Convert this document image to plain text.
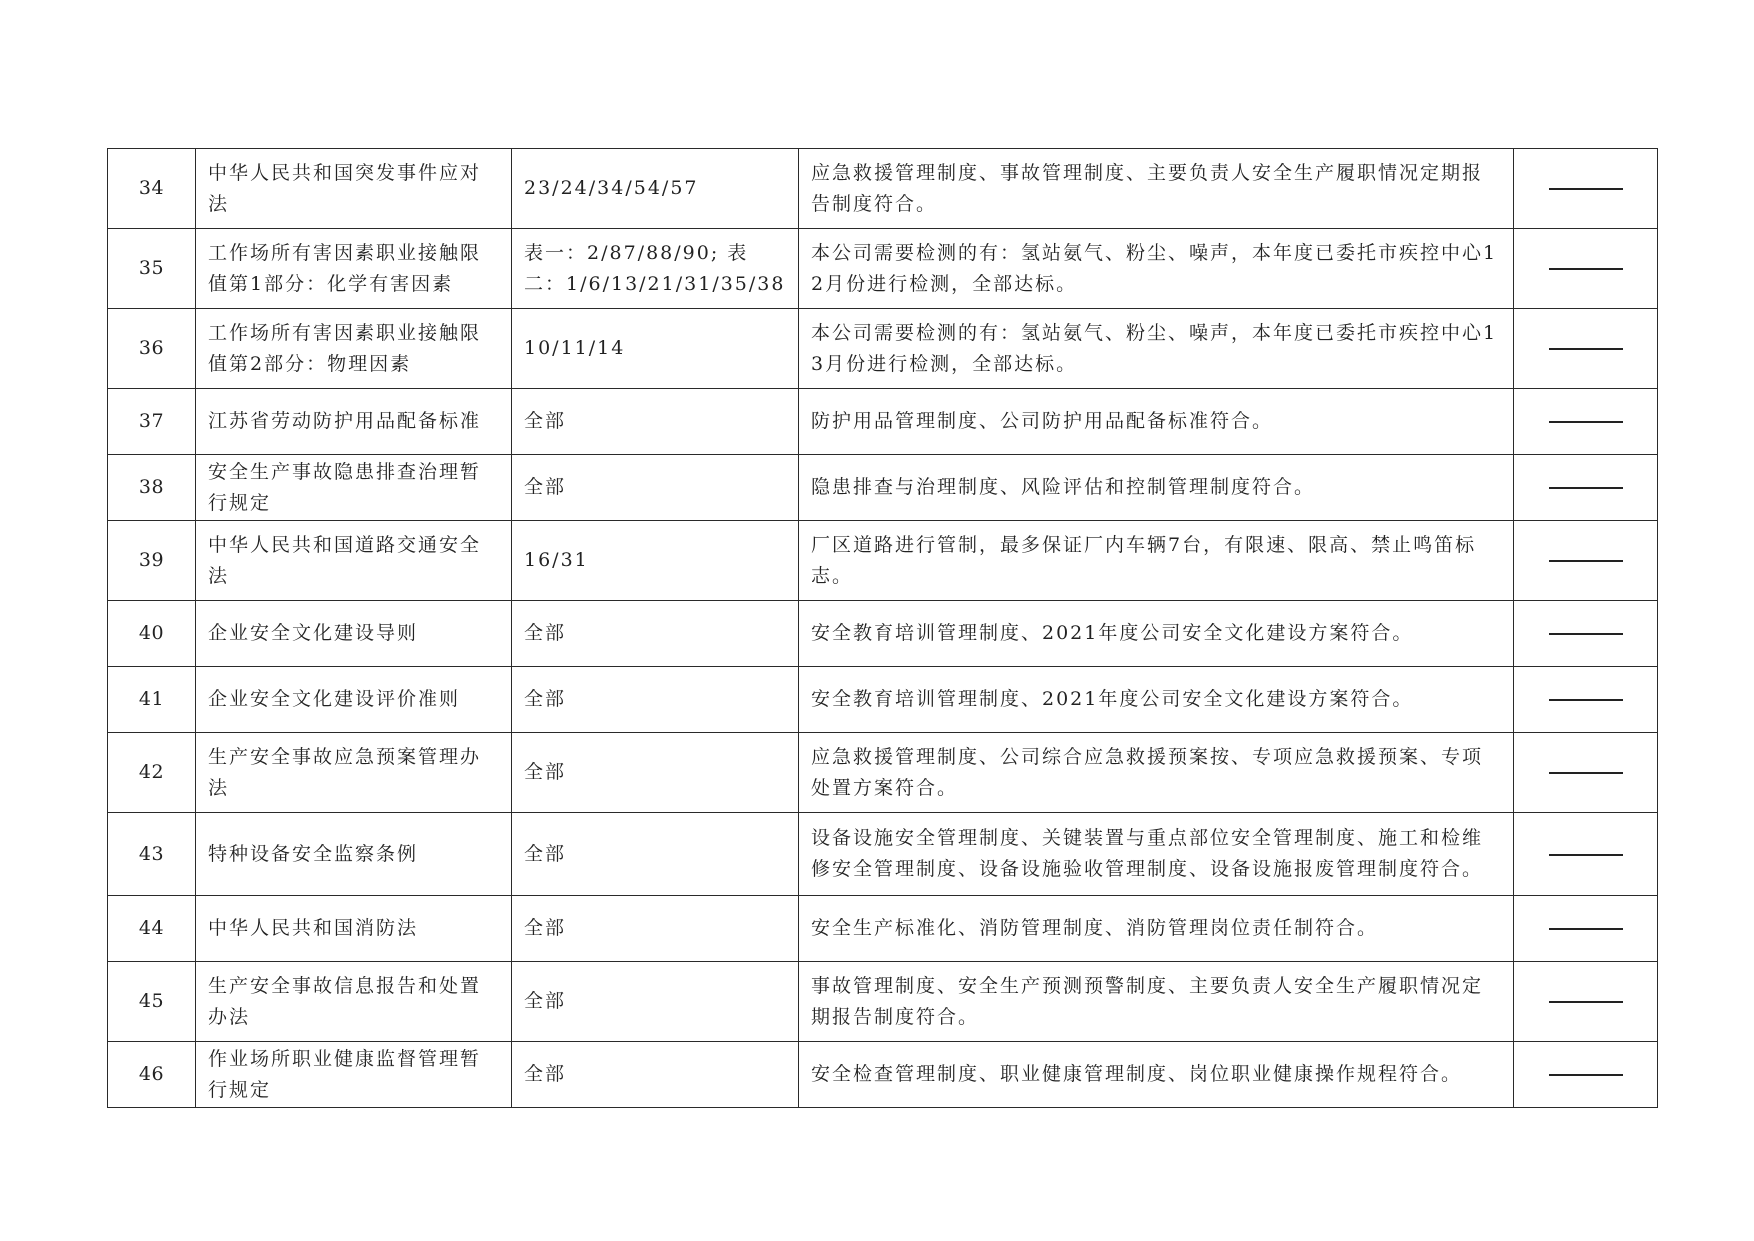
34	中华人民共和国突发事件应对法	23/24/34/54/57	应急救援管理制度、事故管理制度、主要负责人安全生产履职情况定期报告制度符合。	
35	工作场所有害因素职业接触限值第1部分：化学有害因素	表一：2/87/88/90; 表二：1/6/13/21/31/35/38	本公司需要检测的有：氢站氨气、粉尘、噪声，本年度已委托市疾控中心12月份进行检测，全部达标。	
36	工作场所有害因素职业接触限值第2部分：物理因素	10/11/14	本公司需要检测的有：氢站氨气、粉尘、噪声，本年度已委托市疾控中心13月份进行检测，全部达标。	
37	江苏省劳动防护用品配备标准	全部	防护用品管理制度、公司防护用品配备标准符合。	
38	安全生产事故隐患排查治理暂行规定	全部	隐患排查与治理制度、风险评估和控制管理制度符合。	
39	中华人民共和国道路交通安全法	16/31	厂区道路进行管制，最多保证厂内车辆7台，有限速、限高、禁止鸣笛标志。	
40	企业安全文化建设导则	全部	安全教育培训管理制度、2021年度公司安全文化建设方案符合。	
41	企业安全文化建设评价准则	全部	安全教育培训管理制度、2021年度公司安全文化建设方案符合。	
42	生产安全事故应急预案管理办法	全部	应急救援管理制度、公司综合应急救援预案按、专项应急救援预案、专项处置方案符合。	
43	特种设备安全监察条例	全部	设备设施安全管理制度、关键装置与重点部位安全管理制度、施工和检维修安全管理制度、设备设施验收管理制度、设备设施报废管理制度符合。	
44	中华人民共和国消防法	全部	安全生产标准化、消防管理制度、消防管理岗位责任制符合。	
45	生产安全事故信息报告和处置办法	全部	事故管理制度、安全生产预测预警制度、主要负责人安全生产履职情况定期报告制度符合。	
46	作业场所职业健康监督管理暂行规定	全部	安全检查管理制度、职业健康管理制度、岗位职业健康操作规程符合。	
